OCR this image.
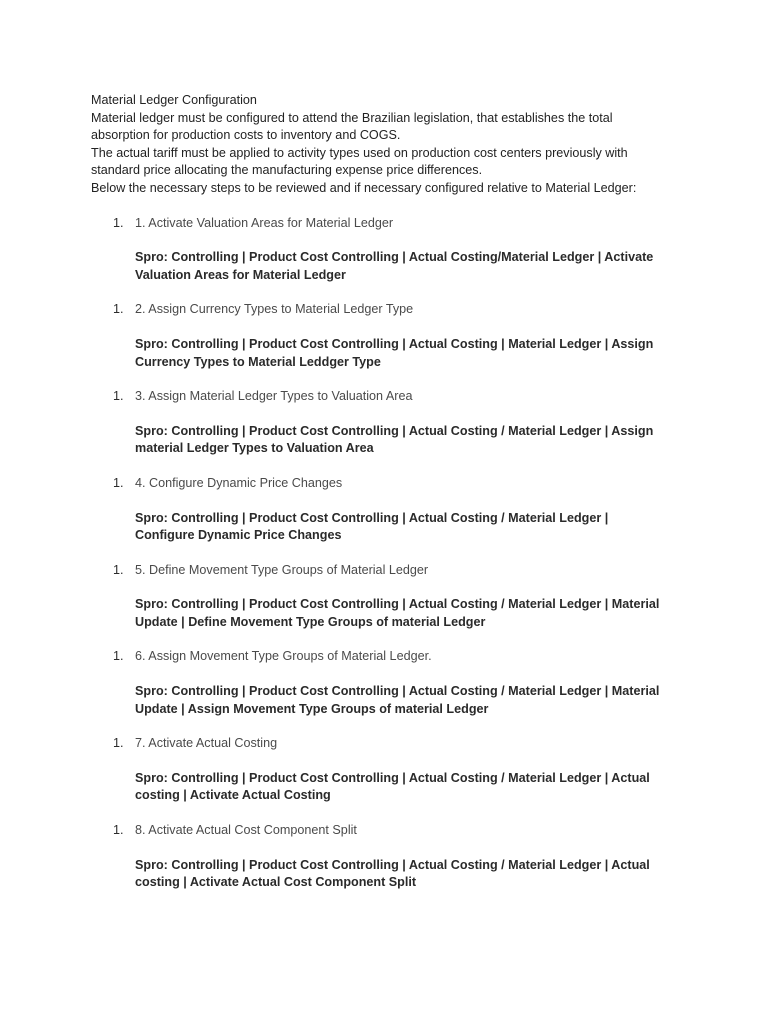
Material Ledger Configuration

Material ledger must be configured to attend the Brazilian legislation, that establishes the total absorption for production costs to inventory and COGS.

The actual tariff must be applied to activity types used on production cost centers previously with standard price allocating the manufacturing expense price differences.

Below the necessary steps to be reviewed and if necessary configured relative to Material Ledger:

1. 1. Activate Valuation Areas for Material Ledger

Spro: Controlling | Product Cost Controlling | Actual Costing/Material Ledger | Activate Valuation Areas for Material Ledger

1. 2. Assign Currency Types to Material Ledger Type

Spro: Controlling | Product Cost Controlling | Actual Costing | Material Ledger | Assign Currency Types to Material Leddger Type

1. 3. Assign Material Ledger Types to Valuation Area

Spro: Controlling | Product Cost Controlling | Actual Costing / Material Ledger | Assign material Ledger Types to Valuation Area

1. 4. Configure Dynamic Price Changes

Spro: Controlling | Product Cost Controlling | Actual Costing / Material Ledger | Configure Dynamic Price Changes

1. 5. Define Movement Type Groups of Material Ledger

Spro: Controlling | Product Cost Controlling | Actual Costing / Material Ledger | Material Update | Define Movement Type Groups of material Ledger

1. 6. Assign Movement Type Groups of Material Ledger.

Spro: Controlling | Product Cost Controlling | Actual Costing / Material Ledger | Material Update | Assign Movement Type Groups of material Ledger

1. 7. Activate Actual Costing

Spro: Controlling | Product Cost Controlling | Actual Costing / Material Ledger | Actual costing | Activate Actual Costing

1. 8. Activate Actual Cost Component Split

Spro: Controlling | Product Cost Controlling | Actual Costing / Material Ledger | Actual costing | Activate Actual Cost Component Split
